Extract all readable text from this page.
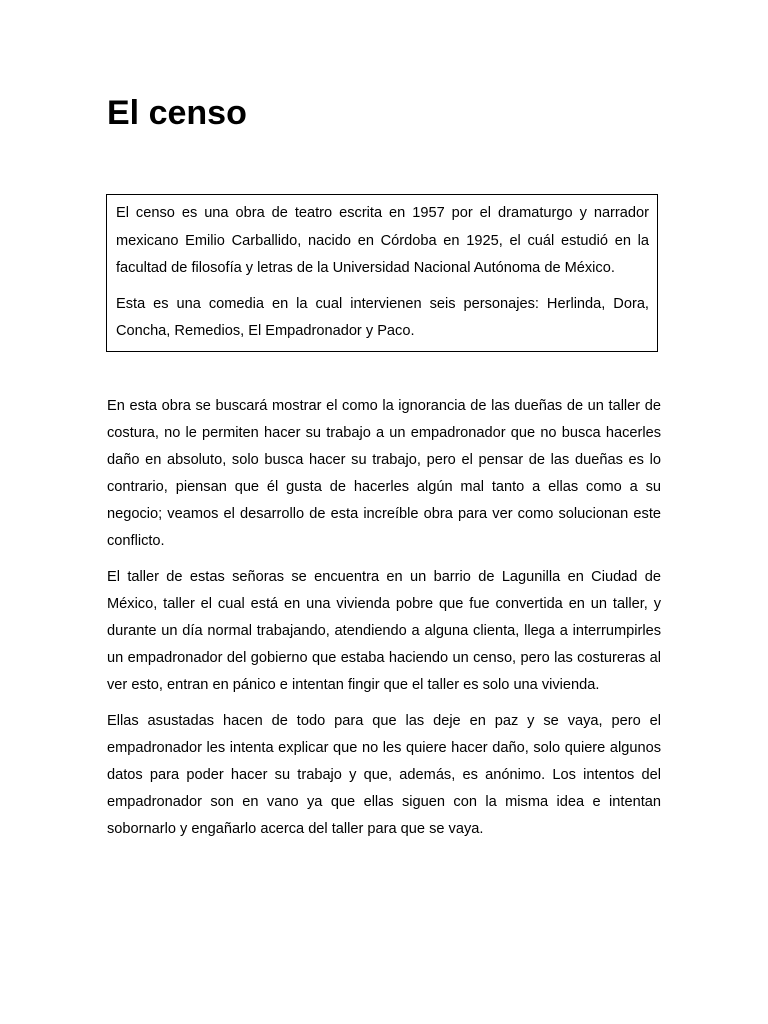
El censo

El censo es una obra de teatro escrita en 1957 por el dramaturgo y narrador mexicano Emilio Carballido, nacido en Córdoba en 1925, el cuál estudió en la facultad de filosofía y letras de la Universidad Nacional Autónoma de México.

Esta es una comedia en la cual intervienen seis personajes: Herlinda, Dora, Concha, Remedios, El Empadronador y Paco.

En esta obra se buscará mostrar el como la ignorancia de las dueñas de un taller de costura, no le permiten hacer su trabajo a un empadronador que no busca hacerles daño en absoluto, solo busca hacer su trabajo, pero el pensar de las dueñas es lo contrario, piensan que él gusta de hacerles algún mal tanto a ellas como a su negocio; veamos el desarrollo de esta increíble obra para ver como solucionan este conflicto.

El taller de estas señoras se encuentra en un barrio de Lagunilla en Ciudad de México, taller el cual está en una vivienda pobre que fue convertida en un taller, y durante un día normal trabajando, atendiendo a alguna clienta, llega a interrumpirles un empadronador del gobierno que estaba haciendo un censo, pero las costureras al ver esto, entran en pánico e intentan fingir que el taller es solo una vivienda.

Ellas asustadas hacen de todo para que las deje en paz y se vaya, pero el empadronador les intenta explicar que no les quiere hacer daño, solo quiere algunos datos para poder hacer su trabajo y que, además, es anónimo. Los intentos del empadronador son en vano ya que ellas siguen con la misma idea e intentan sobornarlo y engañarlo acerca del taller para que se vaya.
